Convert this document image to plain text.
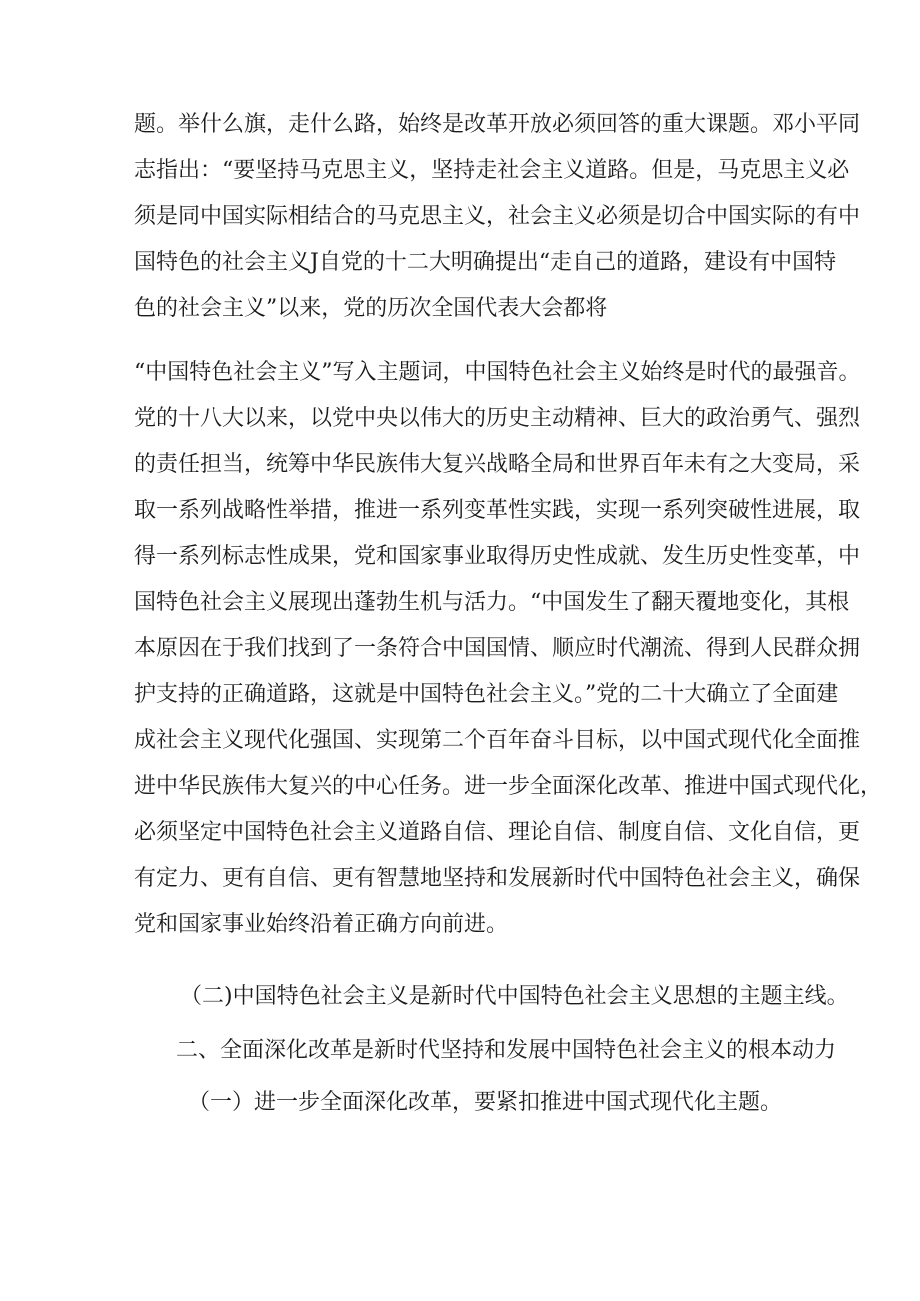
题。举什么旗，走什么路，始终是改革开放必须回答的重大课题。邓小平同
志指出：“要坚持马克思主义，坚持走社会主义道路。但是，马克思主义必
须是同中国实际相结合的马克思主义，社会主义必须是切合中国实际的有中
国特色的社会主义J自党的十二大明确提出“走自己的道路，建设有中国特
色的社会主义”以来，党的历次全国代表大会都将
“中国特色社会主义”写入主题词，中国特色社会主义始终是时代的最强音。
党的十八大以来，以党中央以伟大的历史主动精神、巨大的政治勇气、强烈
的责任担当，统筹中华民族伟大复兴战略全局和世界百年未有之大变局，采
取一系列战略性举措，推进一系列变革性实践，实现一系列突破性进展，取
得一系列标志性成果，党和国家事业取得历史性成就、发生历史性变革，中
国特色社会主义展现出蓬勃生机与活力。“中国发生了翻天覆地变化，其根
本原因在于我们找到了一条符合中国国情、顺应时代潮流、得到人民群众拥
护支持的正确道路，这就是中国特色社会主义。”党的二十大确立了全面建
成社会主义现代化强国、实现第二个百年奋斗目标，以中国式现代化全面推
进中华民族伟大复兴的中心任务。进一步全面深化改革、推进中国式现代化，
必须坚定中国特色社会主义道路自信、理论自信、制度自信、文化自信，更
有定力、更有自信、更有智慧地坚持和发展新时代中国特色社会主义，确保
党和国家事业始终沿着正确方向前进。
（二)中国特色社会主义是新时代中国特色社会主义思想的主题主线。
二、全面深化改革是新时代坚持和发展中国特色社会主义的根本动力
（一）进一步全面深化改革，要紧扣推进中国式现代化主题。
